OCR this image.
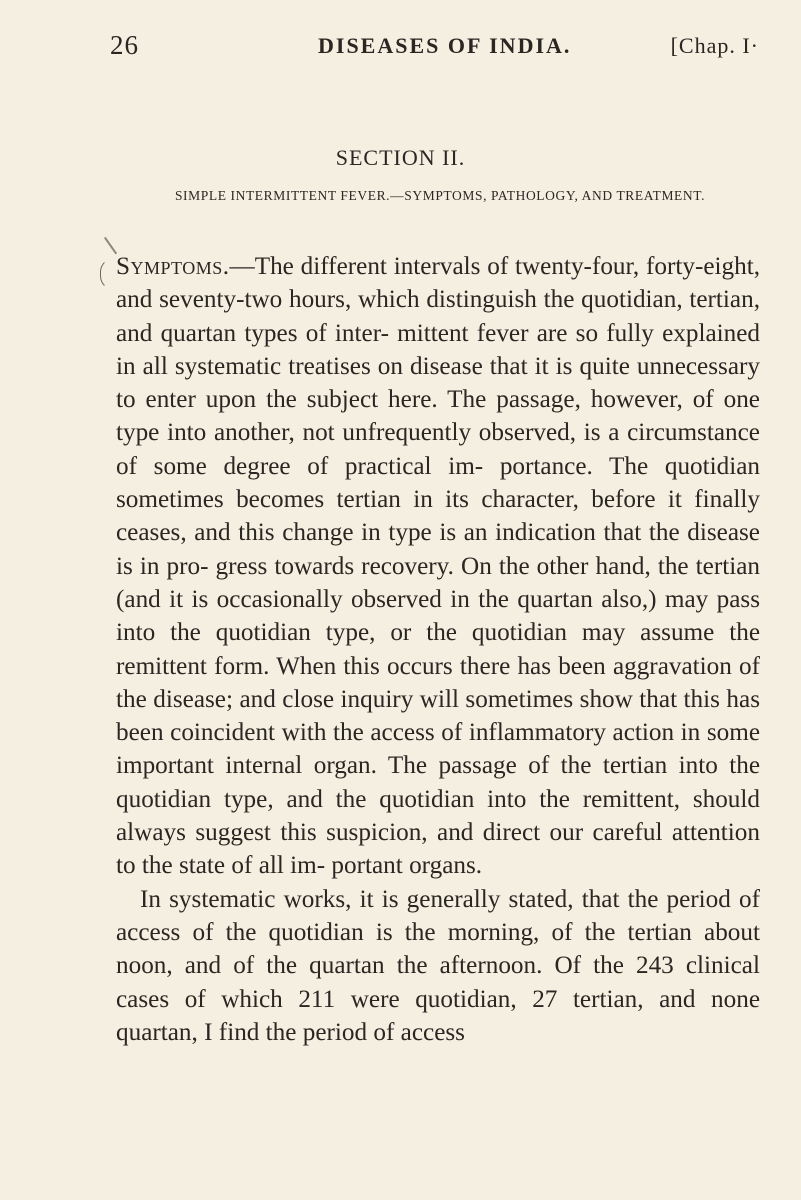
26	DISEASES OF INDIA.	[Chap. I·
SECTION II.
SIMPLE INTERMITTENT FEVER.—SYMPTOMS, PATHOLOGY, AND TREATMENT.

Symptoms.—The different intervals of twenty-four, forty-eight, and seventy-two hours, which distinguish the quotidian, tertian, and quartan types of inter- mittent fever are so fully explained in all systematic treatises on disease that it is quite unnecessary to enter upon the subject here. The passage, however, of one type into another, not unfrequently observed, is a circumstance of some degree of practical im- portance. The quotidian sometimes becomes tertian in its character, before it finally ceases, and this change in type is an indication that the disease is in pro- gress towards recovery. On the other hand, the tertian (and it is occasionally observed in the quartan also,) may pass into the quotidian type, or the quotidian may assume the remittent form. When this occurs there has been aggravation of the disease; and close inquiry will sometimes show that this has been coincident with the access of inflammatory action in some important internal organ. The passage of the tertian into the quotidian type, and the quotidian into the remittent, should always suggest this suspicion, and direct our careful attention to the state of all im- portant organs.

In systematic works, it is generally stated, that the period of access of the quotidian is the morning, of the tertian about noon, and of the quartan the afternoon. Of the 243 clinical cases of which 211 were quotidian, 27 tertian, and none quartan, I find the period of access
